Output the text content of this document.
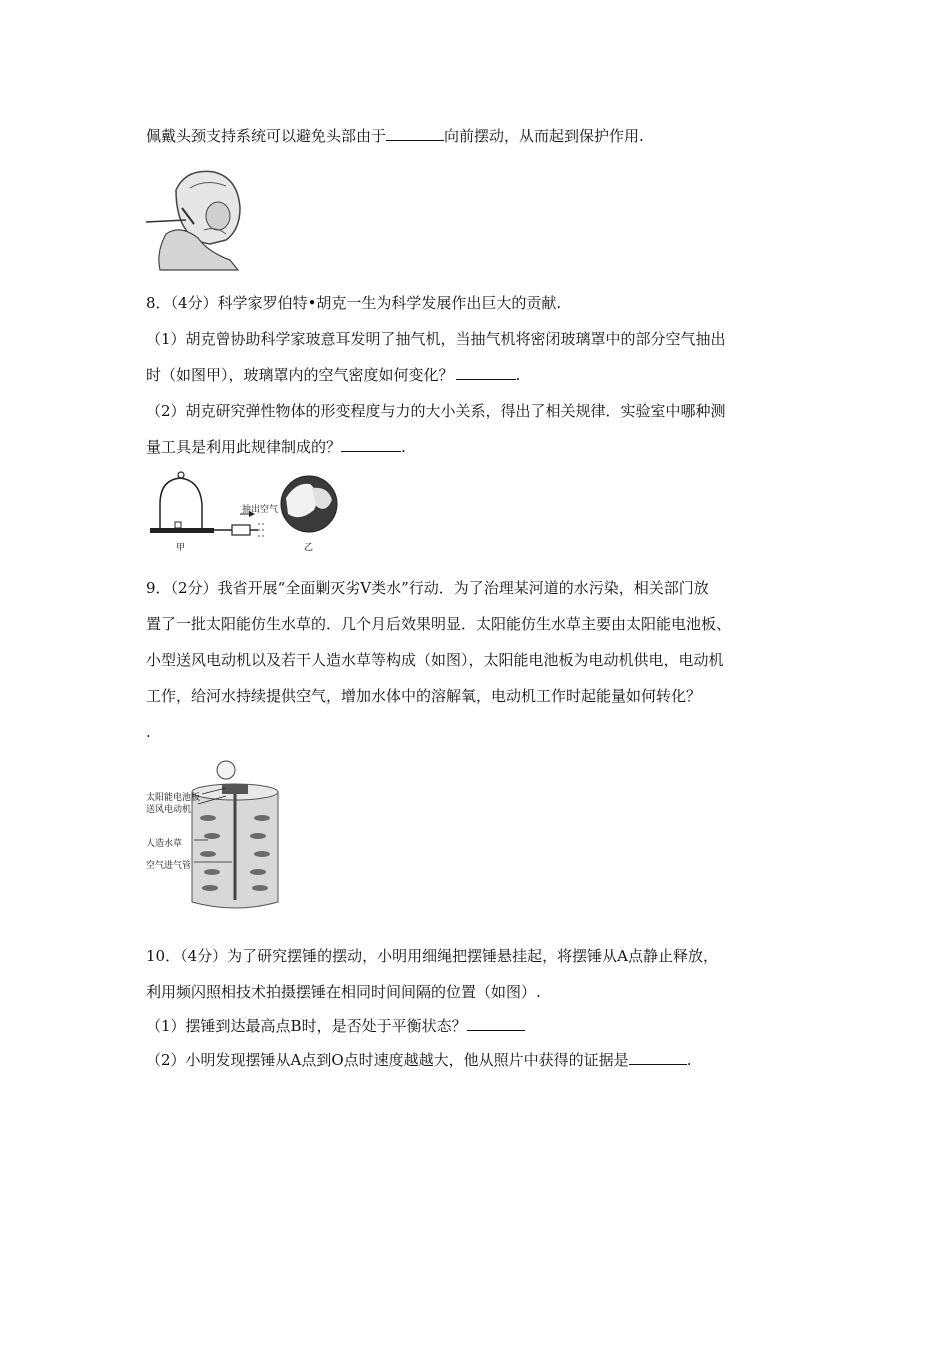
佩戴头颈支持系统可以避免头部由于	向前摆动，从而起到保护作用.
8．（4分）科学家罗伯特•胡克一生为科学发展作出巨大的贡献.
（1）胡克曾协助科学家玻意耳发明了抽气机，当抽气机将密闭玻璃罩中的部分空气抽出
时（如图甲），玻璃罩内的空气密度如何变化？	.
（2）胡克研究弹性物体的形变程度与力的大小关系，得出了相关规律．实验室中哪种测
量工具是利用此规律制成的？	.
抽出空气
甲	乙
9．（2分）我省开展“全面剿灭劣V类水”行动．为了治理某河道的水污染，相关部门放
置了一批太阳能仿生水草的．几个月后效果明显．太阳能仿生水草主要由太阳能电池板、
小型送风电动机以及若干人造水草等构成（如图），太阳能电池板为电动机供电，电动机
工作，给河水持续提供空气，增加水体中的溶解氧，电动机工作时起能量如何转化？
.
太阳能电池板
送风电动机
人造水草
空气进气管
10．（4分）为了研究摆锤的摆动，小明用细绳把摆锤悬挂起，将摆锤从A点静止释放，
利用频闪照相技术拍摄摆锤在相同时间间隔的位置（如图）.
（1）摆锤到达最高点B时，是否处于平衡状态？
（2）小明发现摆锤从A点到O点时速度越越大，他从照片中获得的证据是	.
